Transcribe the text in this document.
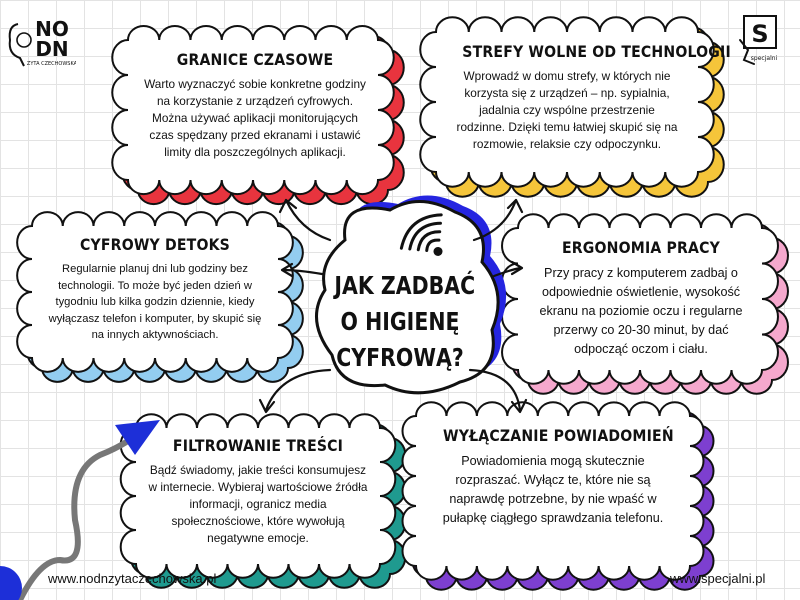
NO
DN
ZYTA CZECHOWSKA
S
specjalni
JAK ZADBAĆ
O HIGIENĘ
CYFROWĄ?
GRANICE CZASOWE
Warto wyznaczyć sobie konkretne godziny na korzystanie z urządzeń cyfrowych. Można używać aplikacji monitorujących czas spędzany przed ekranami i ustawić limity dla poszczególnych aplikacji.
STREFY WOLNE OD TECHNOLOGII
Wprowadź w domu strefy, w których nie korzysta się z urządzeń – np. sypialnia, jadalnia czy wspólne przestrzenie rodzinne. Dzięki temu łatwiej skupić się na rozmowie, relaksie czy odpoczynku.
CYFROWY DETOKS
Regularnie planuj dni lub godziny bez technologii. To może być jeden dzień w tygodniu lub kilka godzin dziennie, kiedy wyłączasz telefon i komputer, by skupić się na innych aktywnościach.
ERGONOMIA PRACY
Przy pracy z komputerem zadbaj o odpowiednie oświetlenie, wysokość ekranu na poziomie oczu i regularne przerwy co 20-30 minut, by dać odpocząć oczom i ciału.
FILTROWANIE TREŚCI
Bądź świadomy, jakie treści konsumujesz w internecie. Wybieraj wartościowe źródła informacji, ogranicz media społecznościowe, które wywołują negatywne emocje.
WYŁĄCZANIE POWIADOMIEŃ
Powiadomienia mogą skutecznie rozpraszać. Wyłącz te, które nie są naprawdę potrzebne, by nie wpaść w pułapkę ciągłego sprawdzania telefonu.
www.nodnzytaczechowska.pl	www.specjalni.pl
